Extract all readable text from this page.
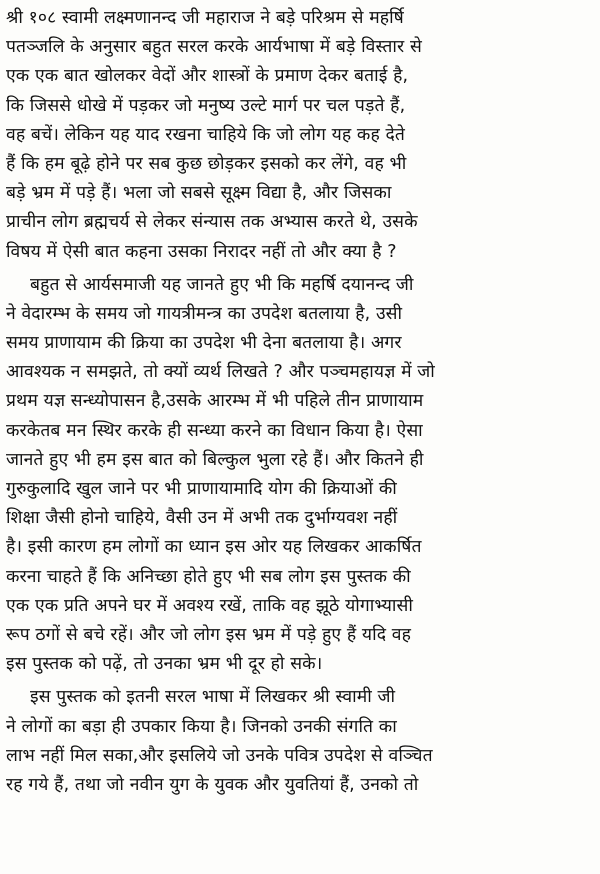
श्री १०८ स्वामी लक्ष्मणानन्द जी महाराज ने बड़े परिश्रम से महर्षि
पतञ्जलि के अनुसार बहुत सरल करके आर्यभाषा में बड़े विस्तार से
एक एक बात खोलकर वेदों और शास्त्रों के प्रमाण देकर बताई है,
कि जिससे धोखे में पड़कर जो मनुष्य उल्टे मार्ग पर चल पड़ते हैं,
वह बचें। लेकिन यह याद रखना चाहिये कि जो लोग यह कह देते
हैं कि हम बूढ़े होने पर सब कुछ छोड़कर इसको कर लेंगे, वह भी
बड़े भ्रम में पड़े हैं। भला जो सबसे सूक्ष्म विद्या है, और जिसका
प्राचीन लोग ब्रह्मचर्य से लेकर संन्यास तक अभ्यास करते थे, उसके
विषय में ऐसी बात कहना उसका निरादर नहीं तो और क्या है ?
बहुत से आर्यसमाजी यह जानते हुए भी कि महर्षि दयानन्द जी
ने वेदारम्भ के समय जो गायत्रीमन्त्र का उपदेश बतलाया है, उसी
समय प्राणायाम की क्रिया का उपदेश भी देना बतलाया है। अगर
आवश्यक न समझते, तो क्यों व्यर्थ लिखते ? और पञ्चमहायज्ञ में जो
प्रथम यज्ञ सन्ध्योपासन है,उसके आरम्भ में भी पहिले तीन प्राणायाम
करकेतब मन स्थिर करके ही सन्ध्या करने का विधान किया है। ऐसा
जानते हुए भी हम इस बात को बिल्कुल भुला रहे हैं। और कितने ही
गुरुकुलादि खुल जाने पर भी प्राणायामादि योग की क्रियाओं की
शिक्षा जैसी होनो चाहिये, वैसी उन में अभी तक दुर्भाग्यवश नहीं
है। इसी कारण हम लोगों का ध्यान इस ओर यह लिखकर आकर्षित
करना चाहते हैं कि अनिच्छा होते हुए भी सब लोग इस पुस्तक की
एक एक प्रति अपने घर में अवश्य रखें, ताकि वह झूठे योगाभ्यासी
रूप ठगों से बचे रहें। और जो लोग इस भ्रम में पड़े हुए हैं यदि वह
इस पुस्तक को पढ़ें, तो उनका भ्रम भी दूर हो सके।
इस पुस्तक को इतनी सरल भाषा में लिखकर श्री स्वामी जी
ने लोगों का बड़ा ही उपकार किया है। जिनको उनकी संगति का
लाभ नहीं मिल सका,और इसलिये जो उनके पवित्र उपदेश से वञ्चित
रह गये हैं, तथा जो नवीन युग के युवक और युवतियां हैं, उनको तो
